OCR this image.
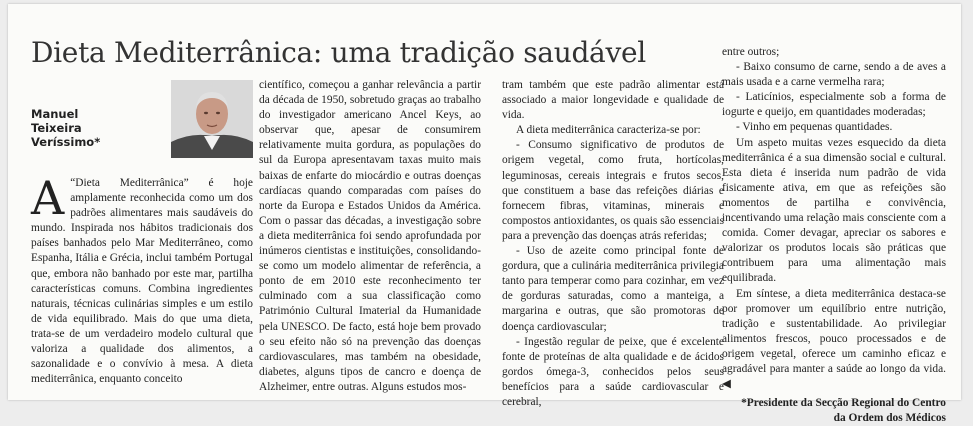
Dieta Mediterrânica: uma tradição saudável
Manuel
Teixeira
Veríssimo*

A “Dieta Mediterrânica” é hoje amplamente reconhecida como um dos padrões alimentares mais saudáveis do mundo. Inspirada nos hábitos tradicionais dos países banhados pelo Mar Mediterrâneo, como Espanha, Itália e Grécia, inclui também Portugal que, embora não banhado por este mar, partilha características comuns. Combina ingredientes naturais, técnicas culinárias simples e um estilo de vida equilibrado. Mais do que uma dieta, trata-se de um verdadeiro modelo cultural que valoriza a qualidade dos alimentos, a sazonalidade e o convívio à mesa. A dieta mediterrânica, enquanto conceito

científico, começou a ganhar relevância a partir da década de 1950, sobretudo graças ao trabalho do investigador americano Ancel Keys, ao observar que, apesar de consumirem relativamente muita gordura, as populações do sul da Europa apresentavam taxas muito mais baixas de enfarte do miocárdio e outras doenças cardíacas quando comparadas com países do norte da Europa e Estados Unidos da América. Com o passar das décadas, a investigação sobre a dieta mediterrânica foi sendo aprofundada por inúmeros cientistas e instituições, consolidando-se como um modelo alimentar de referência, a ponto de em 2010 este reconhecimento ter culminado com a sua classificação como Património Cultural Imaterial da Humanidade pela UNESCO. De facto, está hoje bem provado o seu efeito não só na prevenção das doenças cardiovasculares, mas também na obesidade, diabetes, alguns tipos de cancro e doença de Alzheimer, entre outras. Alguns estudos mos-

tram também que este padrão alimentar está associado a maior longevidade e qualidade de vida.

A dieta mediterrânica caracteriza-se por:

- Consumo significativo de produtos de origem vegetal, como fruta, hortícolas, leguminosas, cereais integrais e frutos secos, que constituem a base das refeições diárias e fornecem fibras, vitaminas, minerais e compostos antioxidantes, os quais são essenciais para a prevenção das doenças atrás referidas;

- Uso de azeite como principal fonte de gordura, que a culinária mediterrânica privilegia tanto para temperar como para cozinhar, em vez de gorduras saturadas, como a manteiga, a margarina e outras, que são promotoras de doença cardiovascular;

- Ingestão regular de peixe, que é excelente fonte de proteínas de alta qualidade e de ácidos gordos ómega-3, conhecidos pelos seus benefícios para a saúde cardiovascular e cerebral,

entre outros;

- Baixo consumo de carne, sendo a de aves a mais usada e a carne vermelha rara;

- Laticínios, especialmente sob a forma de iogurte e queijo, em quantidades moderadas;

- Vinho em pequenas quantidades.

Um aspeto muitas vezes esquecido da dieta mediterrânica é a sua dimensão social e cultural. Esta dieta é inserida num padrão de vida fisicamente ativa, em que as refeições são momentos de partilha e convivência, incentivando uma relação mais consciente com a comida. Comer devagar, apreciar os sabores e valorizar os produtos locais são práticas que contribuem para uma alimentação mais equilibrada.

Em síntese, a dieta mediterrânica destaca-se por promover um equilíbrio entre nutrição, tradição e sustentabilidade. Ao privilegiar alimentos frescos, pouco processados e de origem vegetal, oferece um caminho eficaz e agradável para manter a saúde ao longo da vida. ◀

*Presidente da Secção Regional do Centro
da Ordem dos Médicos
